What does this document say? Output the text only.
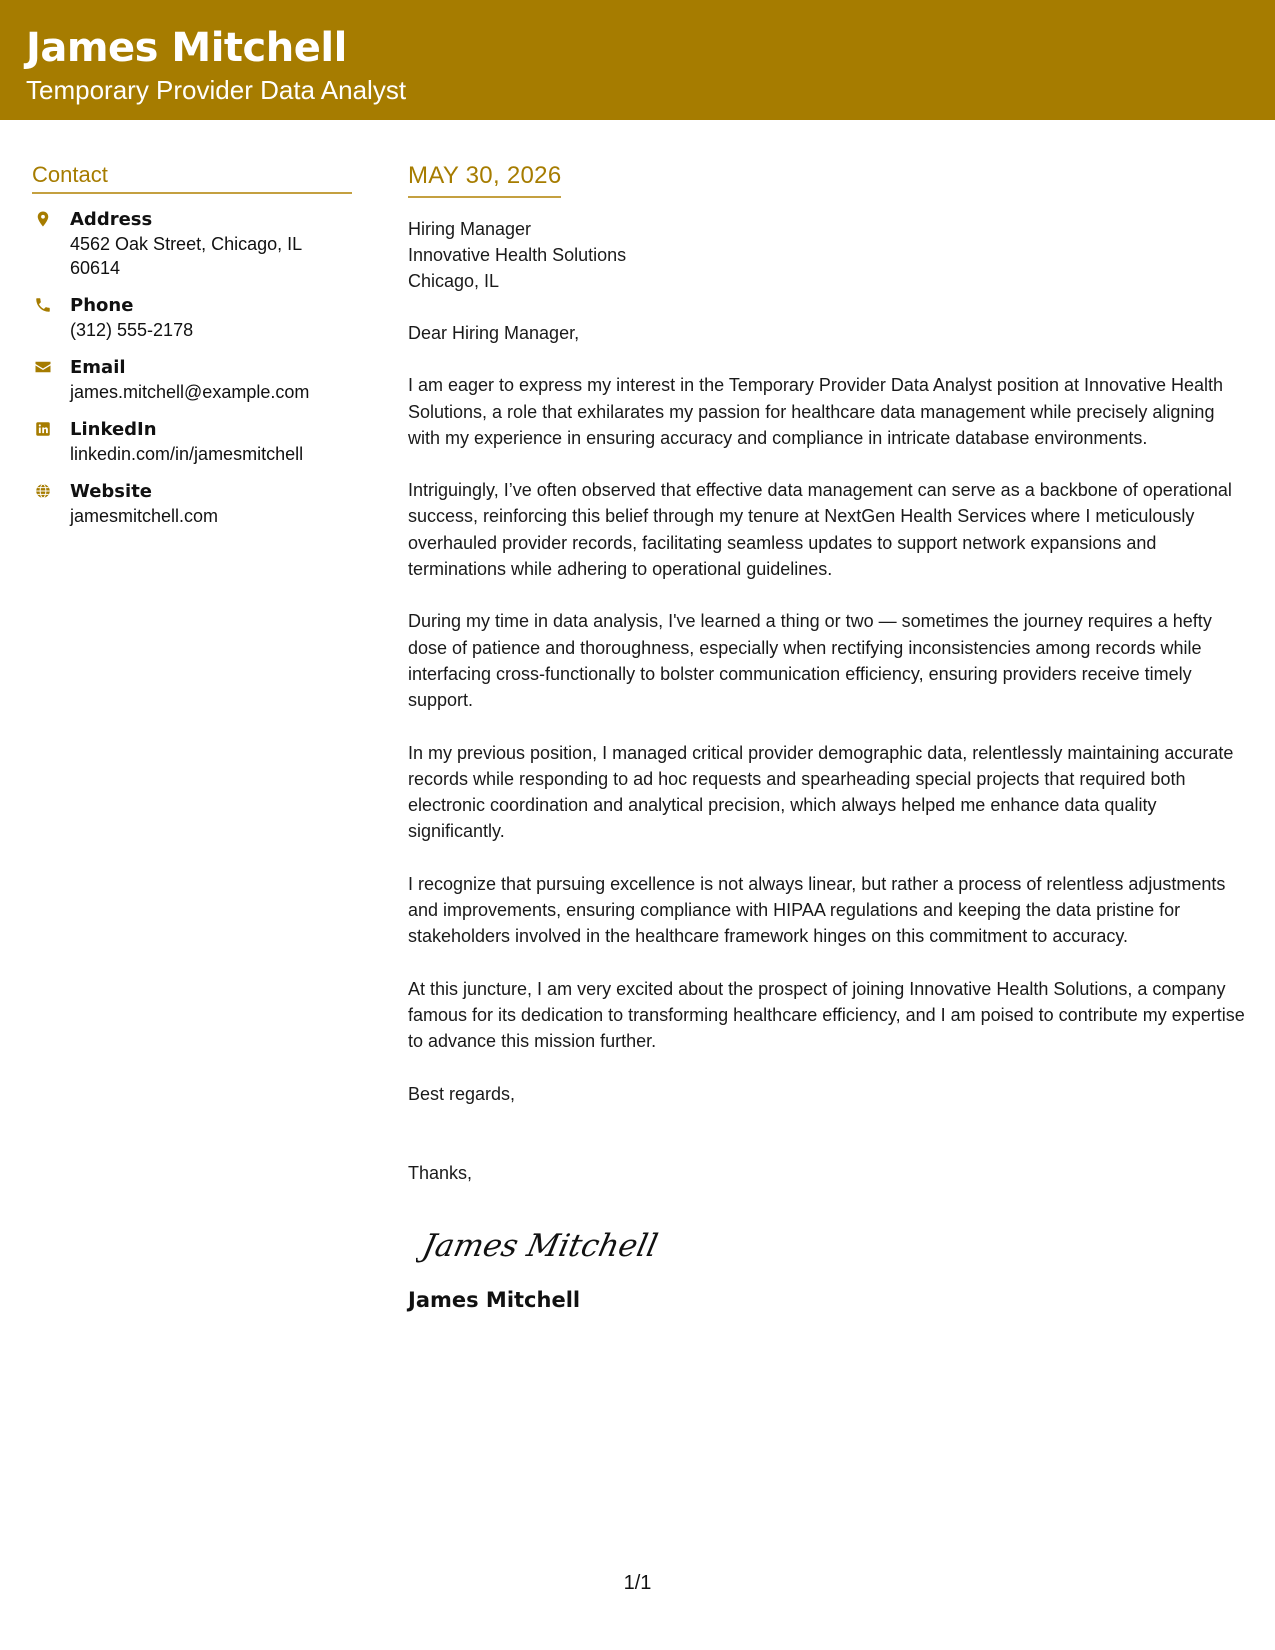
James Mitchell
Temporary Provider Data Analyst
Contact
Address
4562 Oak Street, Chicago, IL 60614
Phone
(312) 555-2178
Email
james.mitchell@example.com
LinkedIn
linkedin.com/in/jamesmitchell
Website
jamesmitchell.com
MAY 30, 2026
Hiring Manager
Innovative Health Solutions
Chicago, IL
Dear Hiring Manager,
I am eager to express my interest in the Temporary Provider Data Analyst position at Innovative Health Solutions, a role that exhilarates my passion for healthcare data management while precisely aligning with my experience in ensuring accuracy and compliance in intricate database environments.
Intriguingly, I’ve often observed that effective data management can serve as a backbone of operational success, reinforcing this belief through my tenure at NextGen Health Services where I meticulously overhauled provider records, facilitating seamless updates to support network expansions and terminations while adhering to operational guidelines.
During my time in data analysis, I've learned a thing or two — sometimes the journey requires a hefty dose of patience and thoroughness, especially when rectifying inconsistencies among records while interfacing cross-functionally to bolster communication efficiency, ensuring providers receive timely support.
In my previous position, I managed critical provider demographic data, relentlessly maintaining accurate records while responding to ad hoc requests and spearheading special projects that required both electronic coordination and analytical precision, which always helped me enhance data quality significantly.
I recognize that pursuing excellence is not always linear, but rather a process of relentless adjustments and improvements, ensuring compliance with HIPAA regulations and keeping the data pristine for stakeholders involved in the healthcare framework hinges on this commitment to accuracy.
At this juncture, I am very excited about the prospect of joining Innovative Health Solutions, a company famous for its dedication to transforming healthcare efficiency, and I am poised to contribute my expertise to advance this mission further.
Best regards,
Thanks,
James Mitchell
James Mitchell
1/1
